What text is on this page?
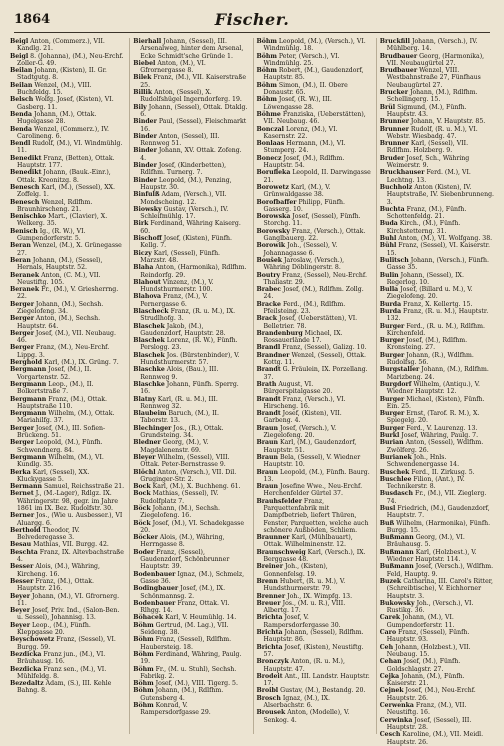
1864	Fischer.

Beigl Anton, (Commerz.), VII. Kandlg. 21.

Beigl 8. (Johanna), (M.), Neu-Erchf. Zoller-G. 49.

Beilan Johann, (Kisten), II. Gr. Stadtgutg. 8.

Beilan Wenzel, (M.), VIII. Buchfeldg. 15.

Belsch Wolfg. Josef, (Kisten), VI. Gasberg. 11.

Benda Johann, (M.), Ottak. Hugelgasse 28.

Benda Wenzel, (Commerz.), IV. Carolineng. 6.

Bendl Rudolf, (M.), VI. Windmühlg. 11.

Benedikt Franz, (Betten), Ottak. Hauptstr. 177.

Benedikt Johann, (Bauk.-Einr.), Ottak. Kreonitzg. 8.

Benesch Karl, (M.), (Sessel), XX. Zoffelg. 1.

Benesch Wenzel, Rdlfhm. Braunhirscheng. 21.

Benischko Mart., (Clavier), X. Welkerg. 35.

Benisch Ig., (R. W.), VI. Gumpendorferstr. 5.

Beran Wenzel, (M.), X. Grünegasse 27.

Beran Johann, (M.), (Sessel), Hernals, Hauptstr. 52.

Beranek Anton, (C. M.), VII. Neustiftg. 105.

Beranek Fr., (M.), V. Griesherrng. 22.

Berger Johann, (M.), Sechsh. Ziegelofeng. 34.

Berger Anton, (M.), Sechsh. Hauptstr. 64.

Berger Josef, (M.), VII. Neubaug. 46.

Berger Franz, (M.), Neu-Erchf. Lippg. 3.

Berghold Karl, (M.), IX. Grüng. 7.

Bergmann Josef, (M.), II. Vorgartenstr. 52.

Bergmann Leop., (M.), II. Bolkertstraße 7.

Bergmann Franz, (M.), Ottak. Hauptstraße 110.

Bergmann Wilhelm, (M.), Ottak. Mariahilfg. 37.

Berger Josef, (M.), III. Sofien-Brückeng. 51.

Berger Leopold, (M.), Fünfh. Schwendnerg. 84.

Bergmann Wilhelm, (M.), VI. Kundlg. 35.

Berka Karl, (Sessel), XX. Kluckygasse 5.

Bermann Samuel, Reichsstraße 21.

Bernet J., (M.-Lager), Rdlgz. IX. Währingerstr. 98, gegr. im Jahre 1861 im IX. Bez. Rudolfstr. 30.

Berner Jos., (Wie u. Ausbesser.), VI Aluargg. 6.

Berthold Theodor, IV. Belvederegasse 3.

Besau Mathias, VII. Burgg. 42.

Beschta Franz, IX. Altevbachstraße 4.

Besser Alois, (M.), Währing, Kircheng. 16.

Besser Franz, (M.), Ottak. Hauptstr. 216.

Beyer Johann, (M.), VI. Gfrornerg. 11.

Beyer Josef, Priv. Ind., (Salon-Ben. u. Sessel), Johannisg. 13.

Beyer Leop., (M.), Fünfh. Kleppgasse 20.

Beyschowetz Franz, (Sessel), VI. Burgg. 59.

Bezdicka Franz jun., (M.), VI. Bräuhausg. 16.

Bezdicka Franz sen., (M.), VI. Mühlfeldg. 8.

Bezedaltz Adam, (S.), III. Kehle Bahng. 8.

Bierhall Johann, (Sessel), III. Arsenalweg, hinter dem Arsenal, Ecke Schmidt'sche Gründe 1.

Biebel Anton, (M.), VI. Gfrornergasse 8.

Bilek Franz, (M.), VII. Kaiserstraße 25.

Billik Anton, (Sessel), X. Rudolfshügel Ingerndorferg. 19.

Bily Johann, (Sessel), Ottak. Dtaklg. 6.

Binder Paul, (Sessel), Fleischmarkt 16.

Binder Anton, (Sessel), III. Rennweg 51.

Binder Johann, XV. Ottak. Zofeng. 4.

Binder Josef, (Kinderbetten), Rdlfhm. Turnerg. 7.

Binder Leopold, (M.), Penzing, Haupstr. 30.

Binfulß Adam, (Versch.), VII. Mondscheing. 12.

Biowsky Gustav, (Versch.), IV. Schleifmühlg. 17.

Birk Ferdinand, Währing Kaiserg. 60.

Bischoff Josef, (Kisten), Fünfh. Kellg. 7.

Biczy Karl, (Sessel), Fünfh. Marzstr. 48.

Blaha Anton, (Harmonika), Rdlfhm. Reindorfg. 29.

Blahout Vinzenz, (M.), V. Hundsthurmerstr. 100.

Blahova Franz, (M.), V. Pernergasse 6.

Blascheck Franz, (R. u. M.), IX. Strudlhofg. 3.

Blaschek Jakob, (M.), Gaudenzdorf, Hauptstr. 28.

Blaschek Lorenz, (R. W.), Fünfh. Perslogg. 23.

Blaschek Jos. (Bürstenbinder), V. Hundsthurmerstr. 57.

Blaschke Alois, (Bau.), III. Rennweg 9.

Blaschke Johann, Fünfh. Sperrg. 16.

Blatny Karl, (R. u. M.), III. Rennweg 32.

Blaubeim Baruch, (M.), II. Taborstr. 13.

Blechinger Jos., (R.), Ottak. Grundsteing. 34.

Bledner Georg, (M.), V. Magdalenenstr. 69.

Bleyer Wilhelm, (Sessel), VIII. Ottak. Peter-Bernstrasse 9.

Blöchl Anton, (Versch.), VII. Dil. Gruginger-Str. 2.

Bock Karl, (M.), X. Buchheng. 61.

Bock Mathias, (Sessel), IV. Rudolfplatz 7.

Böck Johann, (M.), Sechsh. Ziegelofeng. 16.

Böck Josef, (M.), VI. Schadekgasse 20.

Böcker Alois, (M.), Währing, Herrngasse 8.

Boder Franz, (Sessel), Gaudenzdorf, Schönbrunner Hauptstr. 39.

Bodenbauer Ignaz, (M.), Schmelz, Gasse 36.

Bodingbauer Josef, (M.), IX. Schönmannsg. 2.

Bodenbauer Franz, Ottak. Vl. Rlhgg. 14.

Böhacek Karl, V. Heumühlg. 14.

Böhm Gertrud, (M. Lag.), VII. Seideng. 38.

Böhm Franz, (Sessel), Rdlfhm. Haubersteig. 18.

Böhm Ferdinand, Währing, Paulg. 19.

Böhm Fr., (M. u. Stuhl), Sechsh. Fabrikg. 2.

Böhm Josef, (M.), VIII. Tigerg. 5.

Böhm Johann, (M.), Rdlfhm. Gutensberg 4.

Böhm Konrad, V. Rampersdorfgasse 29.

Böhm Leopold, (M.), (Versch.), VI. Windmühlg. 18.

Böhm Peter, (Versch.), VI. Windmühlg. 25.

Böhm Robert, (M.), Gaudenzdorf, Hauptstr. 85.

Böhm Simon, (M.), II. Obere Donaustr. 65.

Böhm Josef, (R. W.), III. Löwengasse 28.

Böhme Franziska, (Ueberstätten), VII. Neubaug. 46.

Bonczal Lorenz, (M.), VI. Kasernstr. 22.

Bonlaas Hermann, (M.), VI. Stumperg. 24.

Bonecz Josef, (M.), Rdlfhm. Hauptstr. 54.

Borufleka Leopold, II. Darwingasse 21.

Borowetz Karl, (M.), V. Grünwaldgasse 38.

Borofbaffer Philipp, Fünfh. Gasserg. 10.

Borowska Josef, (Sessel), Fünfh. Storchg. 11.

Borowsky Franz, (Versch.), Ottak. Ganglbauerg. 22.

Borowik Joh., (Sessel), V. Johannagasse 6.

Boušek Jaroslaw, (Versch.), Währing Döblingerstr. 8.

Boutry Franz, (Sessel), Neu-Erchf. Thaliastr. 29.

Brabec Josef, (M.), Rdlfhm. Zollg. 24.

Bracke Ferd., (M.), Rdlfhm. Pfeilsteing. 23.

Brack Josef, (Ueberstätten), VI. Belletrier. 78.

Brandenburg Michael, IX. Rossauerlände 17.

Brandl Franz, (Sessel), Galizg. 10.

Brandner Wenzel, (Sessel), Ottak. Kottg. 11.

Brandt G. Fräulein, IX. Porzellang. 37.

Brath August, VI. Bürgerspitalgasse 20.

Brandt Franz, (Versch.), VI. Hirscheng. 16.

Brandt Josef, (Kisten), VII. Garbeng. 4.

Braun Josef, (Versch.), V. Ziegelofeng. 20.

Braun Karl, (M.), Gaudenzdorf, Hauptstr. 51.

Braun Bela, (Sessel), V. Wiedner Hauptstr. 10.

Braun Leopold, (M.), Fünfh. Baurg. 13.

Braun Josefine Wwe., Neu-Erchf. Herchenfelder Gürtel 37.

Brauhsfelder Franz, Parquettenfabrik mit Dampfbetrieb, liefert Thüren, Fenster, Parquetten, welche auch schönere Außböden, Schliem.

Braunner Karl, (Mühlbauart), Ottak. Wilhelminenstr. 12.

Braunschweig Karl, (Versch.), IX. Berggasse 48.

Breiner Joh., (Kisten), Gonnenfelsg. 19.

Brenn Hubert, (R. u. M.), V. Hundsthurmerstr. 79.

Brenner Joh., IX. Wimpfg. 13.

Breuer Jos., (M. u. R.), VIII. Albertg. 17.

Brichta Josef, V. Rampersdorfergasse 30.

Brichta Johann, (Sessel), Rdlfhm. Hauptstr. 86.

Brichta Josef, (Kisten), Neustiftg. 57.

Bronczyk Anton, (R. u. M.), Hauptstr. 47.

Brodeit Ant., III. Landstr. Hauptstr. 17.

Broibl Gustav, (M.), Bestandg. 20.

Brosch Ignaz, (M.), IX. Alserbachstr. 6.

Brousek Anton, (Modelle), V. Senkog. 4.

Bruckfill Johann, (Versch.), IV. Mühlberg. 14.

Brudbauer Georg, (Harmonika), VII. Neubaugürtel 27.

Brudbauer Wenzel, VIII. Westbahnstraße 27, Fünfhaus Neubaugürtel 27.

Brucker Johann, (M.), Rdlfhm. Schellingerg. 15.

Brül Sigmund, (M.), Fünfh. Hauptstr. 43.

Brunner Johann, V. Hauptstr. 85.

Brunner Rudolf, (R. u. M.), VI. Webstr. Wiesbadg. 47.

Brunner Karl, (Sessel), VII. Rdlfhm. Holzberg. 9.

Bruder Josef, Sch., Währing Weimerstr. 9.

Bruckhauser Ferd. (M.), VI. Lechtng. 13.

Buchholz Anton (Kisten), IV. Hauptstraße, IV. Siebenbrunneng. 3.

Buchta Franz, (M.), Fünfh. Schottenfeldg. 21.

Buda Kirch., (M.), Fünfh. Kirchstetterng. 31.

Buhl Anton, (M.), VI. Wolfgang. 38.

Bühl Franz, (Sessel), VI. Kaiserstr. 15.

Bulitsch Johann, (Versch.), Fünfh. Gasse 35.

Bulin Johann, (Sessel), IX. Regerlog. 10.

Bulla Josef, (Billard u. M.), V. Ziegelofeng. 20.

Burda Franz, X. Kellertg. 15.

Burda Franz, (R. u. M.), Hauptstr. 132.

Burger Ferd., (R. u. M.), Rdlfhm. Kirchenfeld.

Burger Josef, (M.), Rdlfhm. Kronsteing. 27.

Burger Johann, (R.), Wdlfhm. Rudolfsg. 56.

Burgstaller Johann, (M.), Rdlfhm. Marizbeng. 24.

Burgdorf Wilhelm, (Antiqu.), V. Wiedner Hauptstr. 12.

Burger Michael, (Kisten), Fünfh. Ein. 25.

Burger Ernst, (Tarof. R. M.), X. Spiegelg. 20.

Burger Ferd., V. Laurenzg. 13.

Burkl Josef, Währing, Paulg. 7.

Burian Anton, (Sessel), Wdlfhm. Zwölferg. 26.

Burianek Joh., Hnls. Schwendenergasse 14.

Buschek Ferd., II. Zirkusg. 5.

Buschlee Filion, (Ant.), IV. Technikerstr. 8.

Busdasch Fr., (M.), VII. Zieglerg. 74.

Busl Friedrich, (M.), Gaudenzdorf, Hauptstr. 7.

Buß Wilhelm, (Harmonika), Fünfh. Burgg. 15.

Bußmann Georg, (M.), VI. Bräuhausg. 5.

Bußmann Karl, (Holzbest.), V. Wiedner Hauptstr. 114.

Bußmann Josef, (Versch.), Wdlfhm. Feld, Hauptg. 9.

Buzek Catharina, III. Carol's Ritter, (Schreibtische), V. Eichhorner Hauptstr. 3.

Bukowsky Joh., (Versch.), VI. Rustikg. 36.

Carek Johann, (M.), VI. Gumpendorferstr. 11.

Caro Franz, (Sessel), Fünfh. Hauptstr. 93.

Ceh Johann, (Holzbest.), VII. Neubaug. 15.

Cehan Josef, (M.), Fünfh. Goldschlagstr. 27.

Cejka Johann, (M.), Fünfh. Kaiserstr. 21.

Cejnek Josef, (M.), Neu-Erchf. Hauptstr. 26.

Cerwenka Franz, (M.), VII. Neustiftg. 16.

Cerwinka Josef, (Sessel), III. Hauptstr. 28.

Cesch Karoline, (M.), VII. Meidl. Hauptstr. 26.
